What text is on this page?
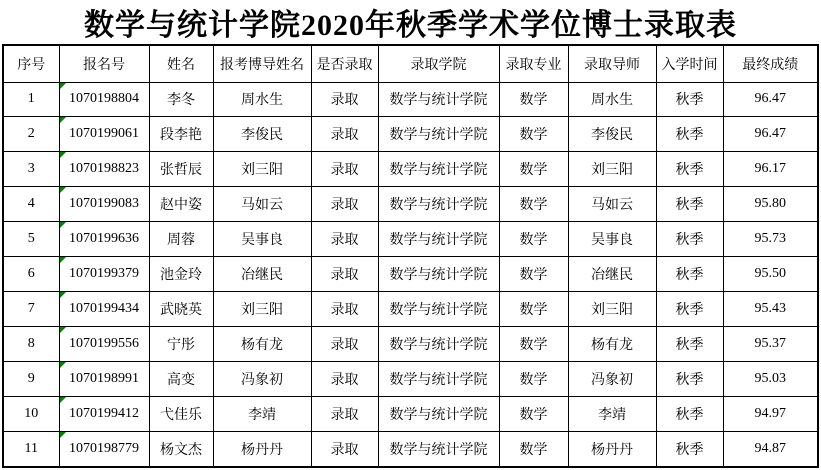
数学与统计学院2020年秋季学术学位博士录取表
序号	报名号	姓名	报考博导姓名	是否录取	录取学院	录取专业	录取导师	入学时间	最终成绩
1	1070198804	李冬	周水生	录取	数学与统计学院	数学	周水生	秋季	96.47
2	1070199061	段李艳	李俊民	录取	数学与统计学院	数学	李俊民	秋季	96.47
3	1070198823	张哲辰	刘三阳	录取	数学与统计学院	数学	刘三阳	秋季	96.17
4	1070199083	赵中姿	马如云	录取	数学与统计学院	数学	马如云	秋季	95.80
5	1070199636	周蓉	吴事良	录取	数学与统计学院	数学	吴事良	秋季	95.73
6	1070199379	池金玲	冶继民	录取	数学与统计学院	数学	冶继民	秋季	95.50
7	1070199434	武晓英	刘三阳	录取	数学与统计学院	数学	刘三阳	秋季	95.43
8	1070199556	宁彤	杨有龙	录取	数学与统计学院	数学	杨有龙	秋季	95.37
9	1070198991	高变	冯象初	录取	数学与统计学院	数学	冯象初	秋季	95.03
10	1070199412	弋佳乐	李靖	录取	数学与统计学院	数学	李靖	秋季	94.97
11	1070198779	杨文杰	杨丹丹	录取	数学与统计学院	数学	杨丹丹	秋季	94.87
